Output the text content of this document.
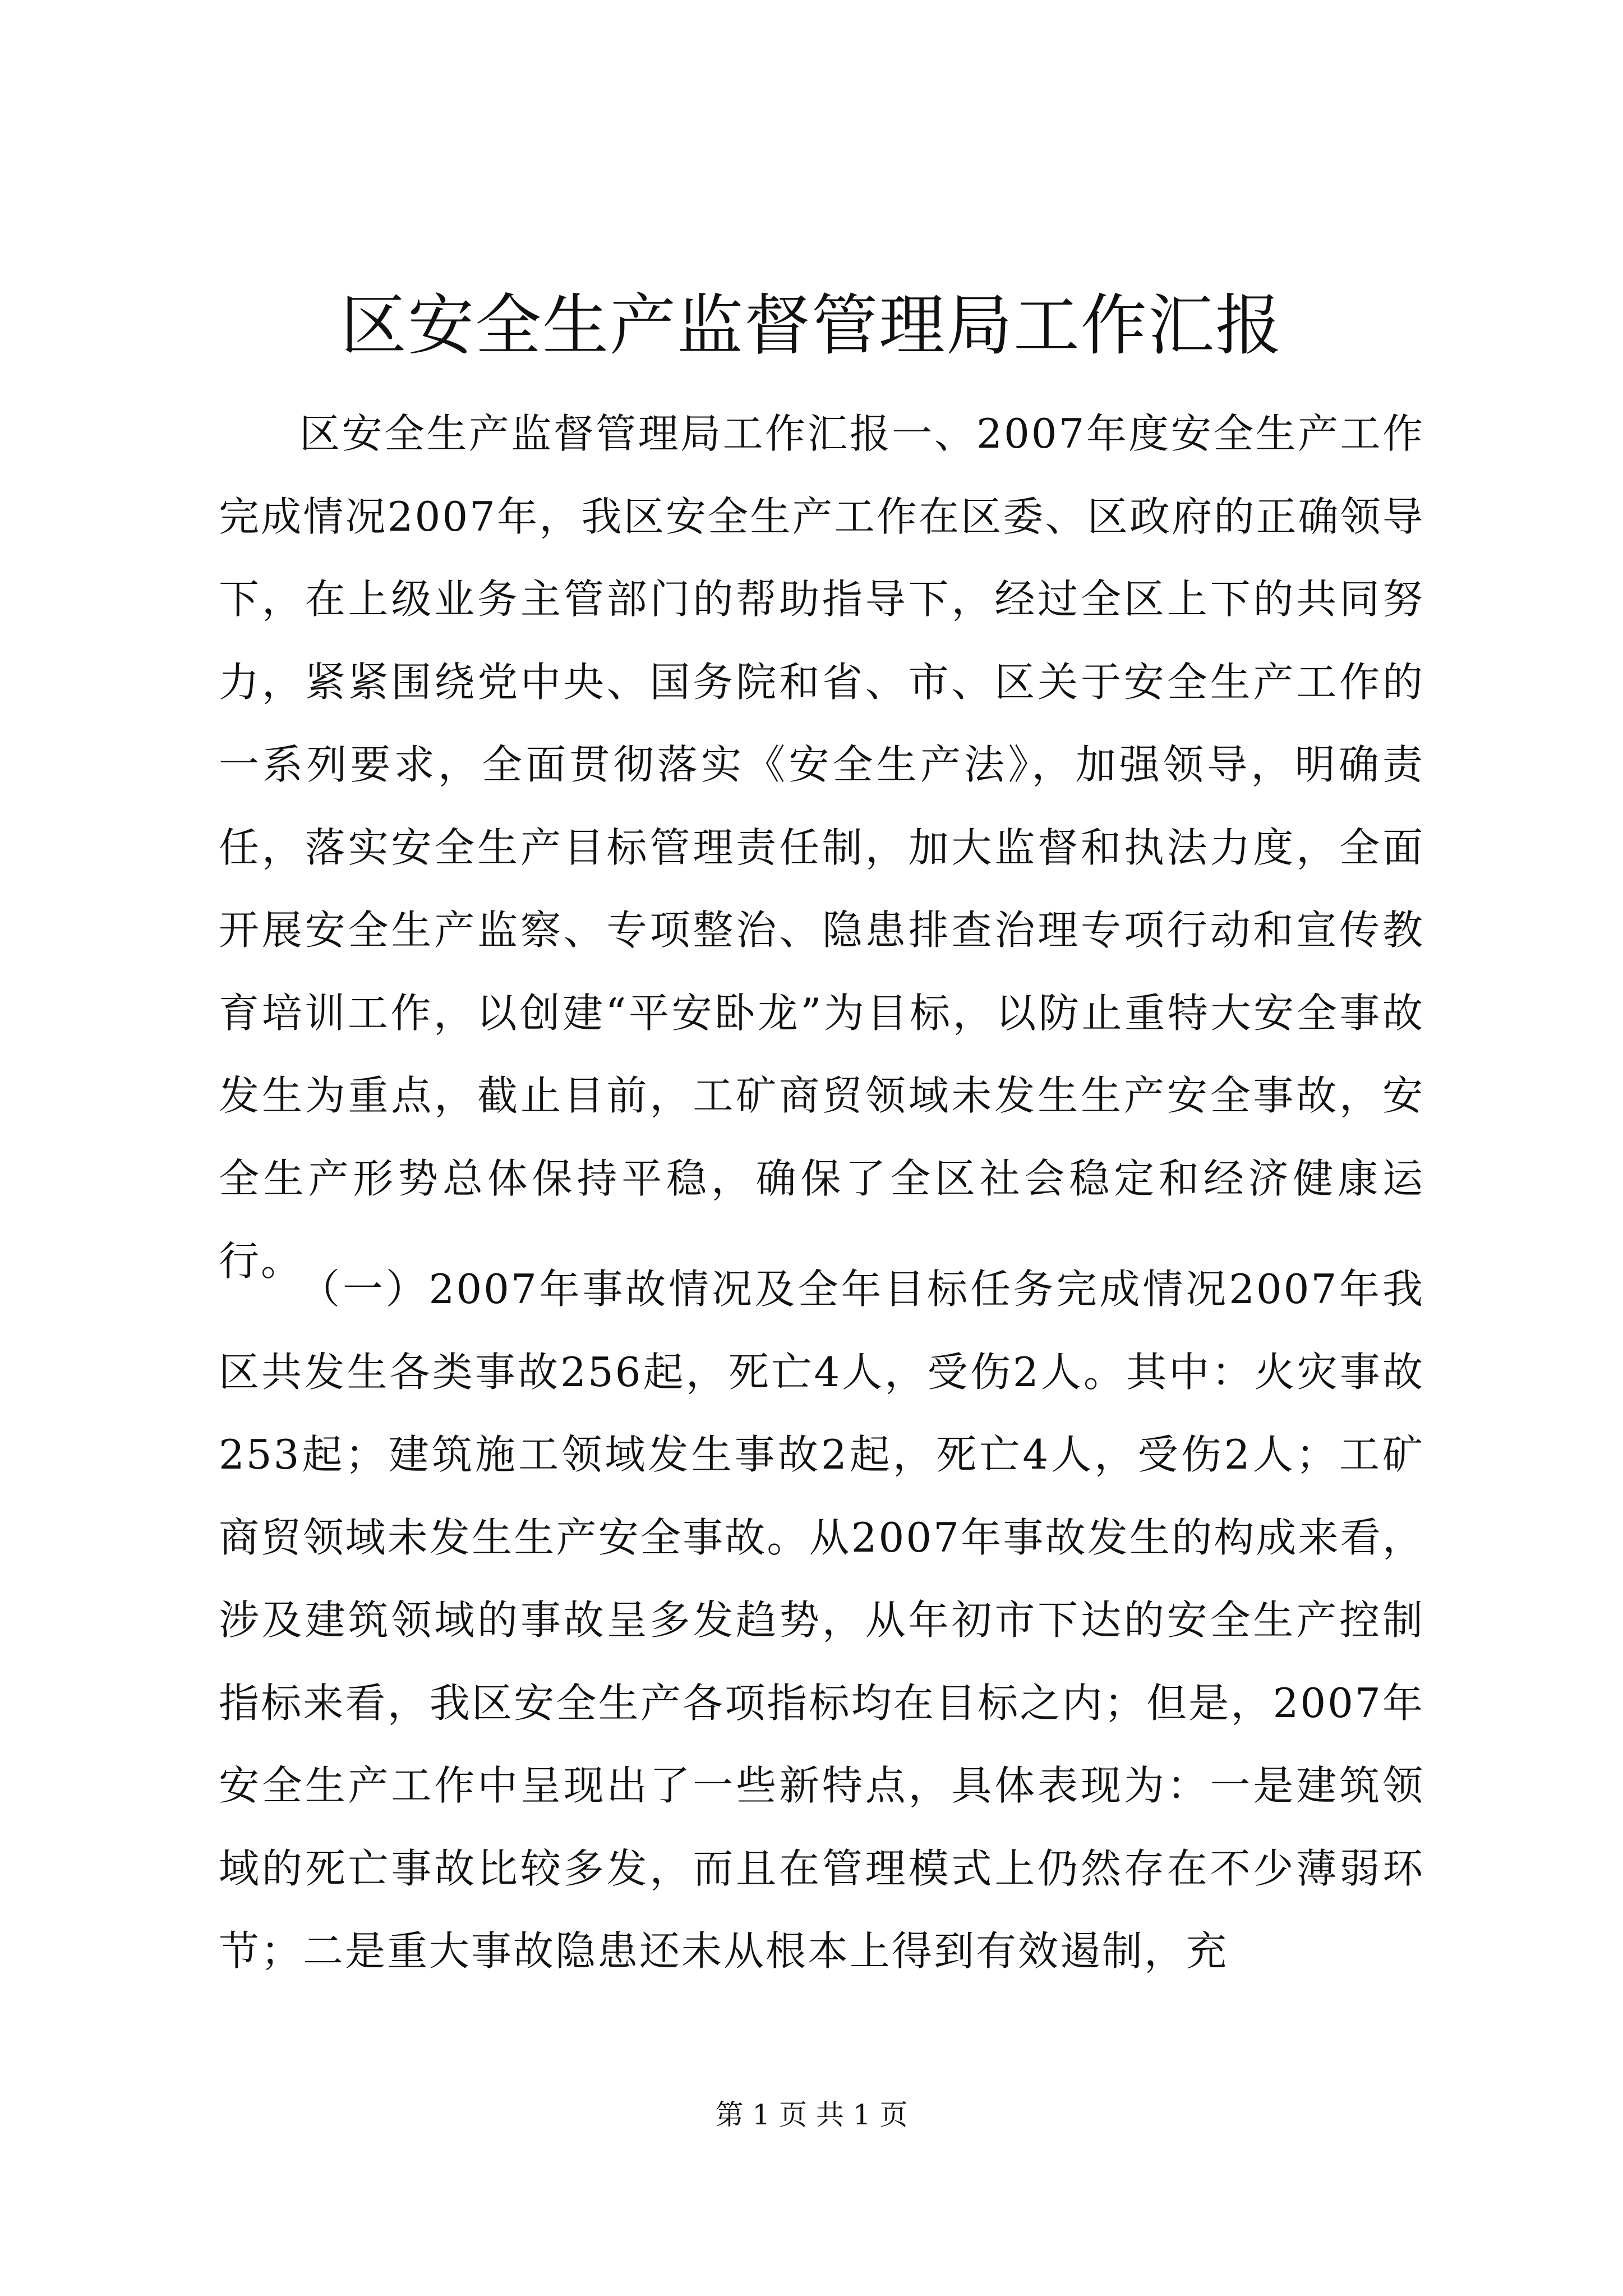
区安全生产监督管理局工作汇报

区安全生产监督管理局工作汇报一、2007年度安全生产工作完成情况2007年，我区安全生产工作在区委、区政府的正确领导下，在上级业务主管部门的帮助指导下，经过全区上下的共同努力，紧紧围绕党中央、国务院和省、市、区关于安全生产工作的一系列要求，全面贯彻落实《安全生产法》，加强领导，明确责任，落实安全生产目标管理责任制，加大监督和执法力度，全面开展安全生产监察、专项整治、隐患排查治理专项行动和宣传教育培训工作，以创建“平安卧龙”为目标，以防止重特大安全事故发生为重点，截止目前，工矿商贸领域未发生生产安全事故，安全生产形势总体保持平稳，确保了全区社会稳定和经济健康运行。

（一）2007年事故情况及全年目标任务完成情况2007年我区共发生各类事故256起，死亡4人，受伤2人。其中：火灾事故253起；建筑施工领域发生事故2起，死亡4人，受伤2人；工矿商贸领域未发生生产安全事故。从2007年事故发生的构成来看，涉及建筑领域的事故呈多发趋势，从年初市下达的安全生产控制指标来看，我区安全生产各项指标均在目标之内；但是，2007年安全生产工作中呈现出了一些新特点，具体表现为：一是建筑领域的死亡事故比较多发，而且在管理模式上仍然存在不少薄弱环节；二是重大事故隐患还未从根本上得到有效遏制，充

第 1 页 共 1 页
